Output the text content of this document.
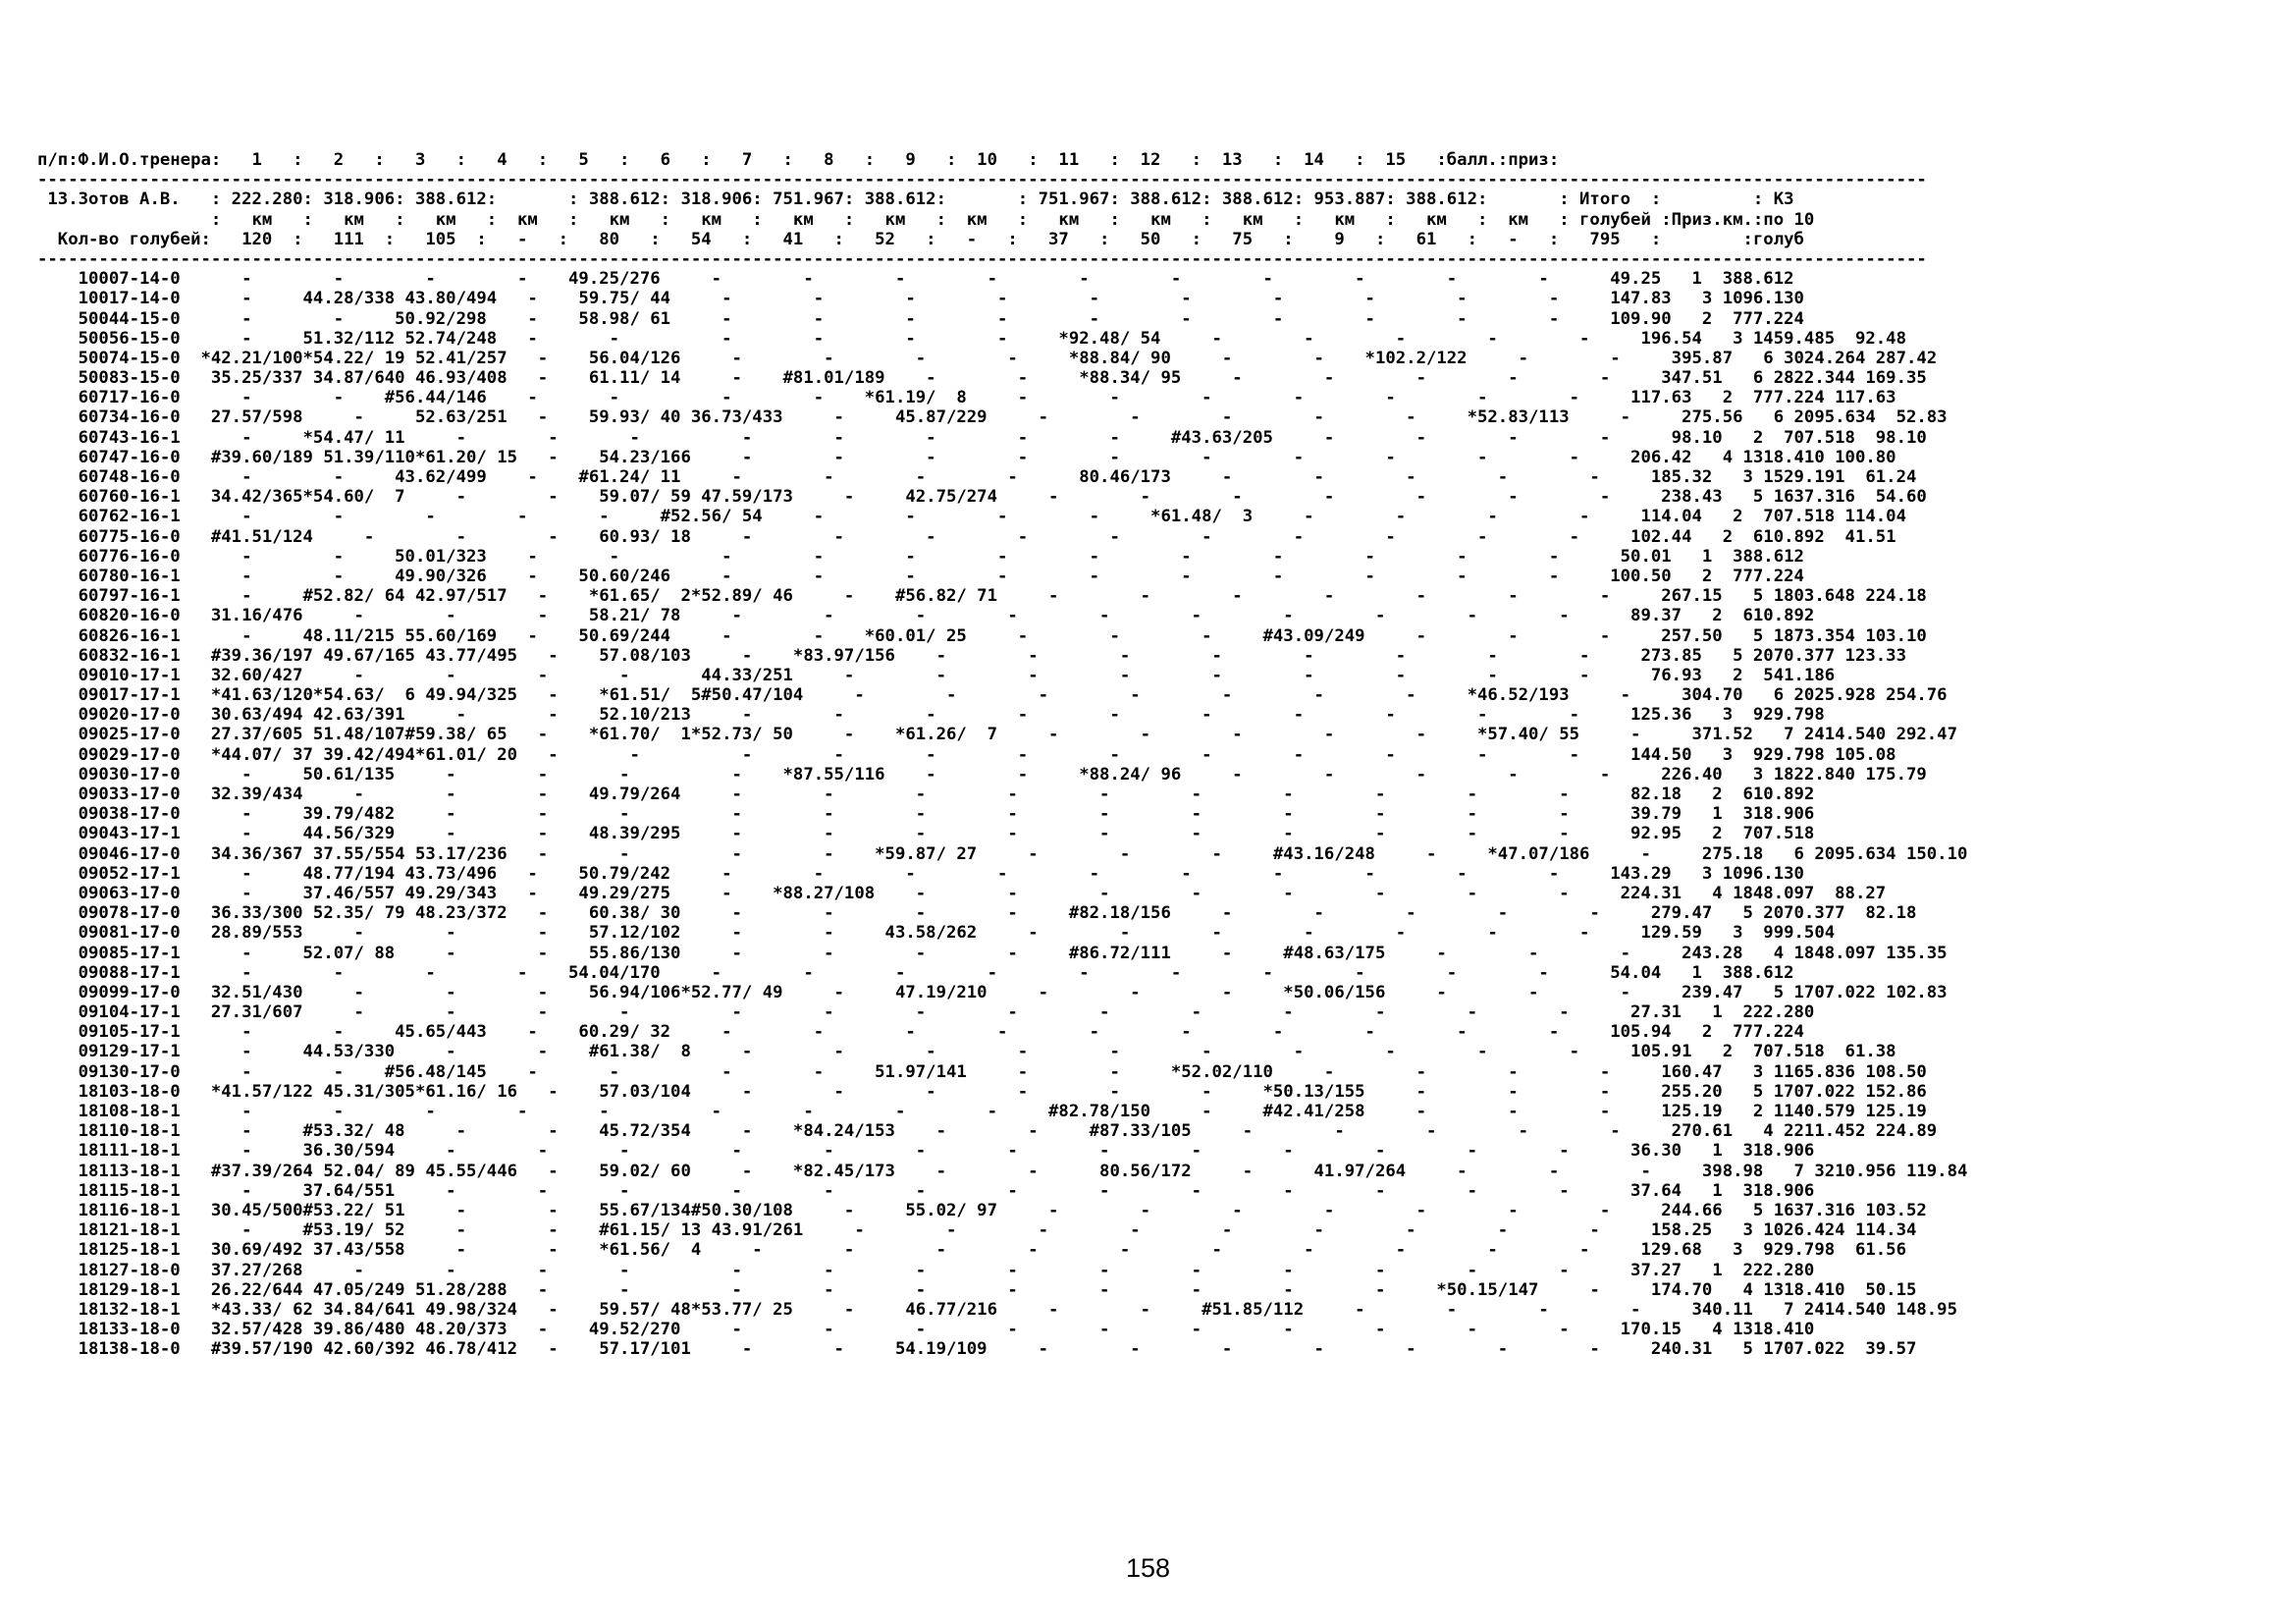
п/п:Ф.И.О.тренера:   1   :   2   :   3   :   4   :   5   :   6   :   7   :   8   :   9   :  10   :  11   :  12   :  13   :  14   :  15   :балл.:приз:
-----------------------------------------------------------------------------------------------------------------------------------------------------------------------------------------
13.Зотов А.В.   : 222.280: 318.906: 388.612:       : 388.612: 318.906: 751.967: 388.612:       : 751.967: 388.612: 388.612: 953.887: 388.612:       : Итого  :         : КЗ
:   км   :   км   :   км   :  км   :   км   :   км   :   км   :   км   :  км   :   км   :   км   :   км   :   км   :   км   :  км   : голубей :Приз.км.:по 10
Кол-во голубей:   120  :   111  :   105  :   -   :   80   :   54   :   41   :   52   :   -   :   37   :   50   :   75   :    9   :   61   :   -   :   795   :        :голуб
-----------------------------------------------------------------------------------------------------------------------------------------------------------------------------------------
10007-14-0      -        -        -        -    49.25/276     -        -        -        -        -        -        -        -        -        -      49.25   1  388.612
10017-14-0      -     44.28/338 43.80/494   -    59.75/ 44     -        -        -        -        -        -        -        -        -        -     147.83   3 1096.130
50044-15-0      -        -     50.92/298    -    58.98/ 61     -        -        -        -        -        -        -        -        -        -     109.90   2  777.224
50056-15-0      -     51.32/112 52.74/248   -       -          -        -        -        -     *92.48/ 54     -        -        -        -        -     196.54   3 1459.485  92.48
50074-15-0  *42.21/100*54.22/ 19 52.41/257   -    56.04/126     -        -        -        -     *88.84/ 90     -        -    *102.2/122     -        -     395.87   6 3024.264 287.42
50083-15-0   35.25/337 34.87/640 46.93/408   -    61.11/ 14     -    #81.01/189    -        -     *88.34/ 95     -        -        -        -        -     347.51   6 2822.344 169.35
60717-16-0      -        -    #56.44/146    -       -          -        -    *61.19/  8     -        -        -        -        -        -        -     117.63   2  777.224 117.63
60734-16-0   27.57/598     -     52.63/251   -    59.93/ 40 36.73/433     -     45.87/229     -        -        -        -        -     *52.83/113     -     275.56   6 2095.634  52.83
60743-16-1      -     *54.47/ 11     -        -       -          -        -        -        -        -     #43.63/205     -        -        -        -      98.10   2  707.518  98.10
60747-16-0   #39.60/189 51.39/110*61.20/ 15   -    54.23/166     -        -        -        -        -        -        -        -        -        -     206.42   4 1318.410 100.80
60748-16-0      -        -     43.62/499    -    #61.24/ 11     -        -        -        -      80.46/173     -        -        -        -        -     185.32   3 1529.191  61.24
60760-16-1   34.42/365*54.60/  7     -        -    59.07/ 59 47.59/173     -     42.75/274     -        -        -        -        -        -        -     238.43   5 1637.316  54.60
60762-16-1      -        -        -        -       -     #52.56/ 54     -        -        -        -     *61.48/  3     -        -        -        -     114.04   2  707.518 114.04
60775-16-0   #41.51/124     -        -        -    60.93/ 18     -        -        -        -        -        -        -        -        -        -     102.44   2  610.892  41.51
60776-16-0      -        -     50.01/323    -       -          -        -        -        -        -        -        -        -        -        -      50.01   1  388.612
60780-16-1      -        -     49.90/326    -    50.60/246     -        -        -        -        -        -        -        -        -        -     100.50   2  777.224
60797-16-1      -     #52.82/ 64 42.97/517   -    *61.65/  2*52.89/ 46     -    #56.82/ 71     -        -        -        -        -        -        -     267.15   5 1803.648 224.18
60820-16-0   31.16/476     -        -        -    58.21/ 78     -        -        -        -        -        -        -        -        -        -      89.37   2  610.892
60826-16-1      -     48.11/215 55.60/169   -    50.69/244     -        -    *60.01/ 25     -        -        -     #43.09/249     -        -        -     257.50   5 1873.354 103.10
60832-16-1   #39.36/197 49.67/165 43.77/495   -    57.08/103     -    *83.97/156    -        -        -        -        -        -        -        -     273.85   5 2070.377 123.33
09010-17-1   32.60/427     -        -        -       -       44.33/251     -        -        -        -        -        -        -        -        -      76.93   2  541.186
09017-17-1   *41.63/120*54.63/  6 49.94/325   -    *61.51/  5#50.47/104     -        -        -        -        -        -        -     *46.52/193     -     304.70   6 2025.928 254.76
09020-17-0   30.63/494 42.63/391     -        -    52.10/213     -        -        -        -        -        -        -        -        -        -     125.36   3  929.798
09025-17-0   27.37/605 51.48/107#59.38/ 65   -    *61.70/  1*52.73/ 50     -    *61.26/  7     -        -        -        -        -     *57.40/ 55     -     371.52   7 2414.540 292.47
09029-17-0   *44.07/ 37 39.42/494*61.01/ 20   -       -          -        -        -        -        -        -        -        -        -        -     144.50   3  929.798 105.08
09030-17-0      -     50.61/135     -        -       -          -    *87.55/116    -        -     *88.24/ 96     -        -        -        -        -     226.40   3 1822.840 175.79
09033-17-0   32.39/434     -        -        -    49.79/264     -        -        -        -        -        -        -        -        -        -      82.18   2  610.892
09038-17-0      -     39.79/482     -        -       -          -        -        -        -        -        -        -        -        -        -      39.79   1  318.906
09043-17-1      -     44.56/329     -        -    48.39/295     -        -        -        -        -        -        -        -        -        -      92.95   2  707.518
09046-17-0   34.36/367 37.55/554 53.17/236   -       -          -        -    *59.87/ 27     -        -        -     #43.16/248     -     *47.07/186     -     275.18   6 2095.634 150.10
09052-17-1      -     48.77/194 43.73/496   -    50.79/242     -        -        -        -        -        -        -        -        -        -     143.29   3 1096.130
09063-17-0      -     37.46/557 49.29/343   -    49.29/275     -    *88.27/108    -        -        -        -        -        -        -        -     224.31   4 1848.097  88.27
09078-17-0   36.33/300 52.35/ 79 48.23/372   -    60.38/ 30     -        -        -        -     #82.18/156     -        -        -        -        -     279.47   5 2070.377  82.18
09081-17-0   28.89/553     -        -        -    57.12/102     -        -     43.58/262     -        -        -        -        -        -        -     129.59   3  999.504
09085-17-1      -     52.07/ 88     -        -    55.86/130     -        -        -        -     #86.72/111     -     #48.63/175     -        -        -     243.28   4 1848.097 135.35
09088-17-1      -        -        -        -    54.04/170     -        -        -        -        -        -        -        -        -        -      54.04   1  388.612
09099-17-0   32.51/430     -        -        -    56.94/106*52.77/ 49     -     47.19/210     -        -        -     *50.06/156     -        -        -     239.47   5 1707.022 102.83
09104-17-1   27.31/607     -        -        -       -          -        -        -        -        -        -        -        -        -        -      27.31   1  222.280
09105-17-1      -        -     45.65/443    -    60.29/ 32     -        -        -        -        -        -        -        -        -        -     105.94   2  777.224
09129-17-1      -     44.53/330     -        -    #61.38/  8     -        -        -        -        -        -        -        -        -        -     105.91   2  707.518  61.38
09130-17-0      -        -    #56.48/145    -       -          -        -     51.97/141     -        -     *52.02/110     -        -        -        -     160.47   3 1165.836 108.50
18103-18-0   *41.57/122 45.31/305*61.16/ 16   -    57.03/104     -        -        -        -        -        -     *50.13/155     -        -        -     255.20   5 1707.022 152.86
18108-18-1      -        -        -        -       -          -        -        -        -     #82.78/150     -     #42.41/258     -        -        -     125.19   2 1140.579 125.19
18110-18-1      -     #53.32/ 48     -        -    45.72/354     -    *84.24/153    -        -     #87.33/105     -        -        -        -        -     270.61   4 2211.452 224.89
18111-18-1      -     36.30/594     -        -       -          -        -        -        -        -        -        -        -        -        -      36.30   1  318.906
18113-18-1   #37.39/264 52.04/ 89 45.55/446   -    59.02/ 60     -    *82.45/173    -        -      80.56/172     -      41.97/264     -        -        -     398.98   7 3210.956 119.84
18115-18-1      -     37.64/551     -        -       -          -        -        -        -        -        -        -        -        -        -      37.64   1  318.906
18116-18-1   30.45/500#53.22/ 51     -        -    55.67/134#50.30/108     -     55.02/ 97     -        -        -        -        -        -        -     244.66   5 1637.316 103.52
18121-18-1      -     #53.19/ 52     -        -    #61.15/ 13 43.91/261     -        -        -        -        -        -        -        -        -     158.25   3 1026.424 114.34
18125-18-1   30.69/492 37.43/558     -        -    *61.56/  4     -        -        -        -        -        -        -        -        -        -     129.68   3  929.798  61.56
18127-18-0   37.27/268     -        -        -       -          -        -        -        -        -        -        -        -        -        -      37.27   1  222.280
18129-18-1   26.22/644 47.05/249 51.28/288   -       -          -        -        -        -        -        -        -        -     *50.15/147     -     174.70   4 1318.410  50.15
18132-18-1   *43.33/ 62 34.84/641 49.98/324   -    59.57/ 48*53.77/ 25     -     46.77/216     -        -     #51.85/112     -        -        -        -     340.11   7 2414.540 148.95
18133-18-0   32.57/428 39.86/480 48.20/373   -    49.52/270     -        -        -        -        -        -        -        -        -        -     170.15   4 1318.410
18138-18-0   #39.57/190 42.60/392 46.78/412   -    57.17/101     -        -     54.19/109     -        -        -        -        -        -        -     240.31   5 1707.022  39.57
158
